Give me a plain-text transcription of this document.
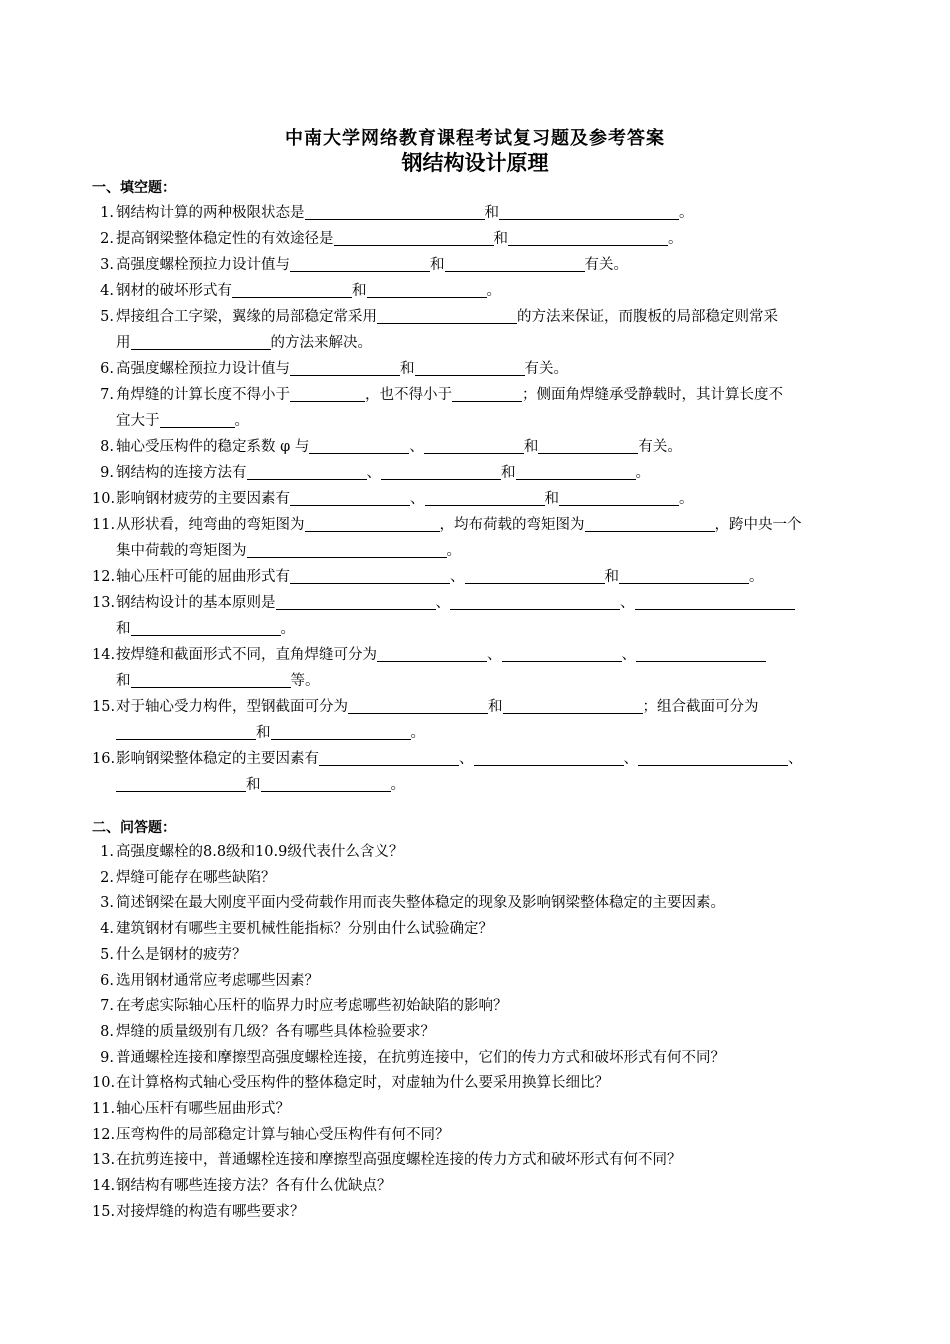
中南大学网络教育课程考试复习题及参考答案
钢结构设计原理
一、填空题：
1. 钢结构计算的两种极限状态是	和	。
2. 提高钢梁整体稳定性的有效途径是	和	。
3. 高强度螺栓预拉力设计值与	和	有关。
4. 钢材的破坏形式有	和	。
5. 焊接组合工字梁，翼缘的局部稳定常采用	的方法来保证，而腹板的局部稳定则常采
用	的方法来解决。
6. 高强度螺栓预拉力设计值与	和	有关。
7. 角焊缝的计算长度不得小于	，也不得小于	；侧面角焊缝承受静载时，其计算长度不
宜大于	。
8. 轴心受压构件的稳定系数 φ 与	、	和	有关。
9. 钢结构的连接方法有	、	和	。
10. 影响钢材疲劳的主要因素有	、	和	。
11. 从形状看，纯弯曲的弯矩图为	，均布荷载的弯矩图为	，跨中央一个
集中荷载的弯矩图为	。
12. 轴心压杆可能的屈曲形式有	、	和	。
13. 钢结构设计的基本原则是	、	、
和	。
14. 按焊缝和截面形式不同，直角焊缝可分为	、	、
和	等。
15. 对于轴心受力构件，型钢截面可分为	和	；组合截面可分为
和	。
16. 影响钢梁整体稳定的主要因素有	、	、	、
和	。
二、问答题：
1. 高强度螺栓的8.8级和10.9级代表什么含义？
2. 焊缝可能存在哪些缺陷？
3. 简述钢梁在最大刚度平面内受荷载作用而丧失整体稳定的现象及影响钢梁整体稳定的主要因素。
4. 建筑钢材有哪些主要机械性能指标？分别由什么试验确定？
5. 什么是钢材的疲劳？
6. 选用钢材通常应考虑哪些因素？
7. 在考虑实际轴心压杆的临界力时应考虑哪些初始缺陷的影响？
8. 焊缝的质量级别有几级？各有哪些具体检验要求？
9. 普通螺栓连接和摩擦型高强度螺栓连接，在抗剪连接中，它们的传力方式和破坏形式有何不同？
10. 在计算格构式轴心受压构件的整体稳定时，对虚轴为什么要采用换算长细比？
11. 轴心压杆有哪些屈曲形式？
12. 压弯构件的局部稳定计算与轴心受压构件有何不同？
13. 在抗剪连接中，普通螺栓连接和摩擦型高强度螺栓连接的传力方式和破坏形式有何不同？
14. 钢结构有哪些连接方法？各有什么优缺点？
15. 对接焊缝的构造有哪些要求？
